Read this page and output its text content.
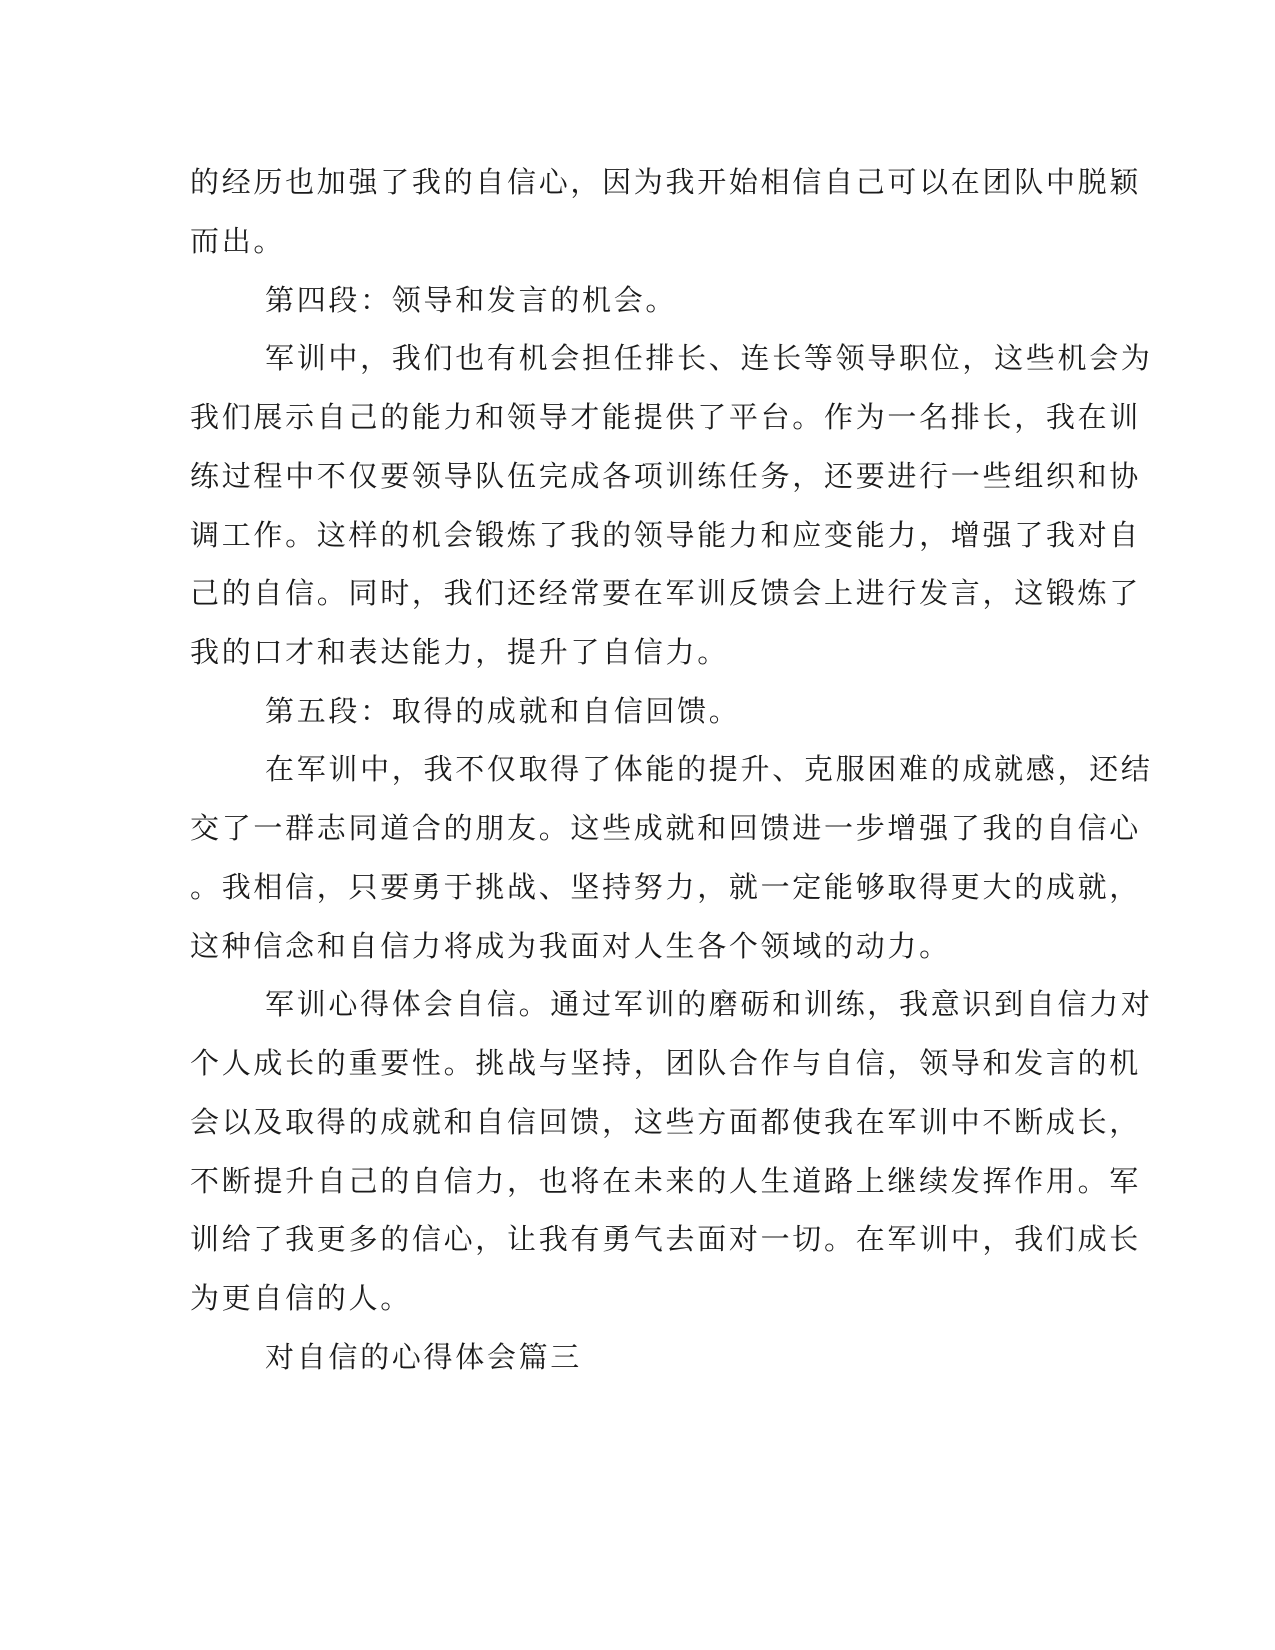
的经历也加强了我的自信心，因为我开始相信自己可以在团队中脱颖

而出。

第四段：领导和发言的机会。

军训中，我们也有机会担任排长、连长等领导职位，这些机会为

我们展示自己的能力和领导才能提供了平台。作为一名排长，我在训

练过程中不仅要领导队伍完成各项训练任务，还要进行一些组织和协

调工作。这样的机会锻炼了我的领导能力和应变能力，增强了我对自

己的自信。同时，我们还经常要在军训反馈会上进行发言，这锻炼了

我的口才和表达能力，提升了自信力。

第五段：取得的成就和自信回馈。

在军训中，我不仅取得了体能的提升、克服困难的成就感，还结

交了一群志同道合的朋友。这些成就和回馈进一步增强了我的自信心

。我相信，只要勇于挑战、坚持努力，就一定能够取得更大的成就，

这种信念和自信力将成为我面对人生各个领域的动力。

军训心得体会自信。通过军训的磨砺和训练，我意识到自信力对

个人成长的重要性。挑战与坚持，团队合作与自信，领导和发言的机

会以及取得的成就和自信回馈，这些方面都使我在军训中不断成长，

不断提升自己的自信力，也将在未来的人生道路上继续发挥作用。军

训给了我更多的信心，让我有勇气去面对一切。在军训中，我们成长

为更自信的人。

对自信的心得体会篇三
